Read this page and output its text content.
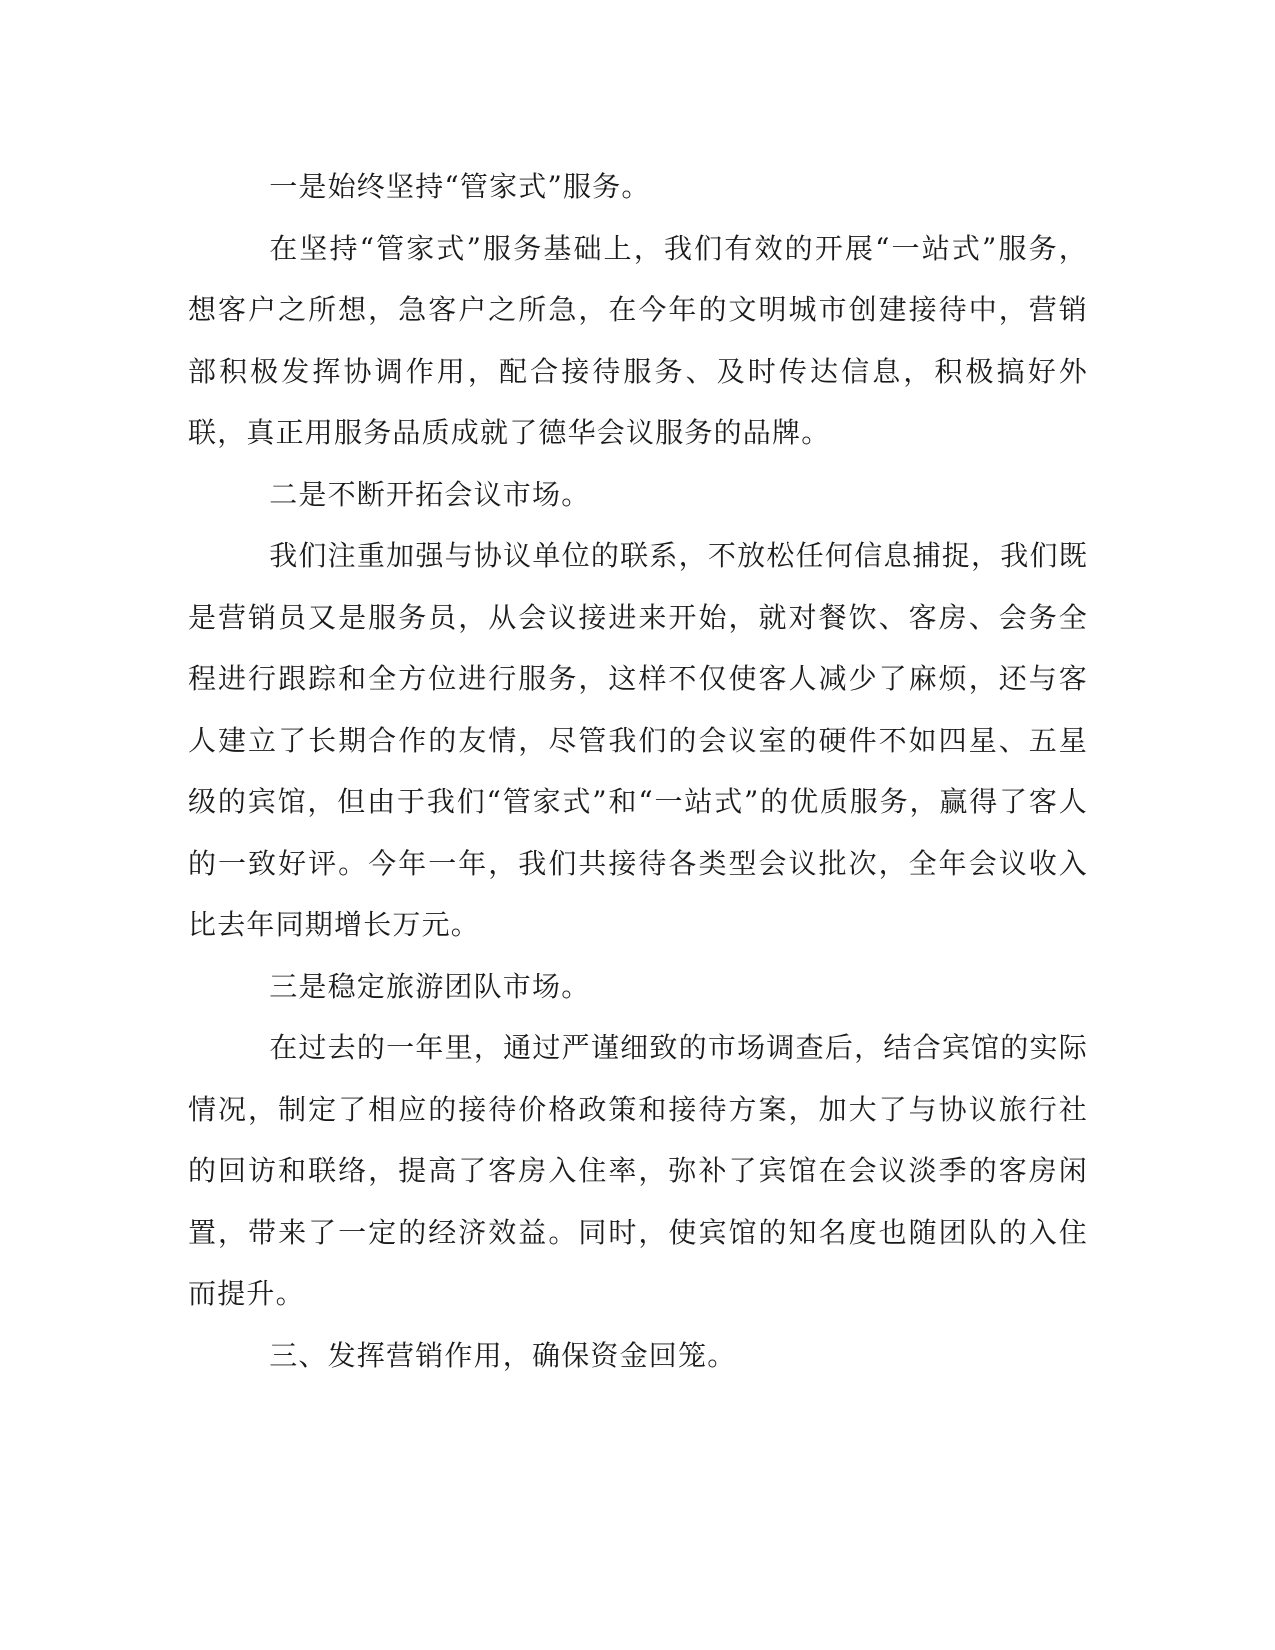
一是始终坚持“管家式”服务。

在坚持“管家式”服务基础上，我们有效的开展“一站式”服务，想客户之所想，急客户之所急，在今年的文明城市创建接待中，营销部积极发挥协调作用，配合接待服务、及时传达信息，积极搞好外联，真正用服务品质成就了德华会议服务的品牌。

二是不断开拓会议市场。

我们注重加强与协议单位的联系，不放松任何信息捕捉，我们既是营销员又是服务员，从会议接进来开始，就对餐饮、客房、会务全程进行跟踪和全方位进行服务，这样不仅使客人减少了麻烦，还与客人建立了长期合作的友情，尽管我们的会议室的硬件不如四星、五星级的宾馆，但由于我们“管家式”和“一站式”的优质服务，赢得了客人的一致好评。今年一年，我们共接待各类型会议批次，全年会议收入比去年同期增长万元。

三是稳定旅游团队市场。

在过去的一年里，通过严谨细致的市场调查后，结合宾馆的实际情况，制定了相应的接待价格政策和接待方案，加大了与协议旅行社的回访和联络，提高了客房入住率，弥补了宾馆在会议淡季的客房闲置，带来了一定的经济效益。同时，使宾馆的知名度也随团队的入住而提升。

三、发挥营销作用，确保资金回笼。
